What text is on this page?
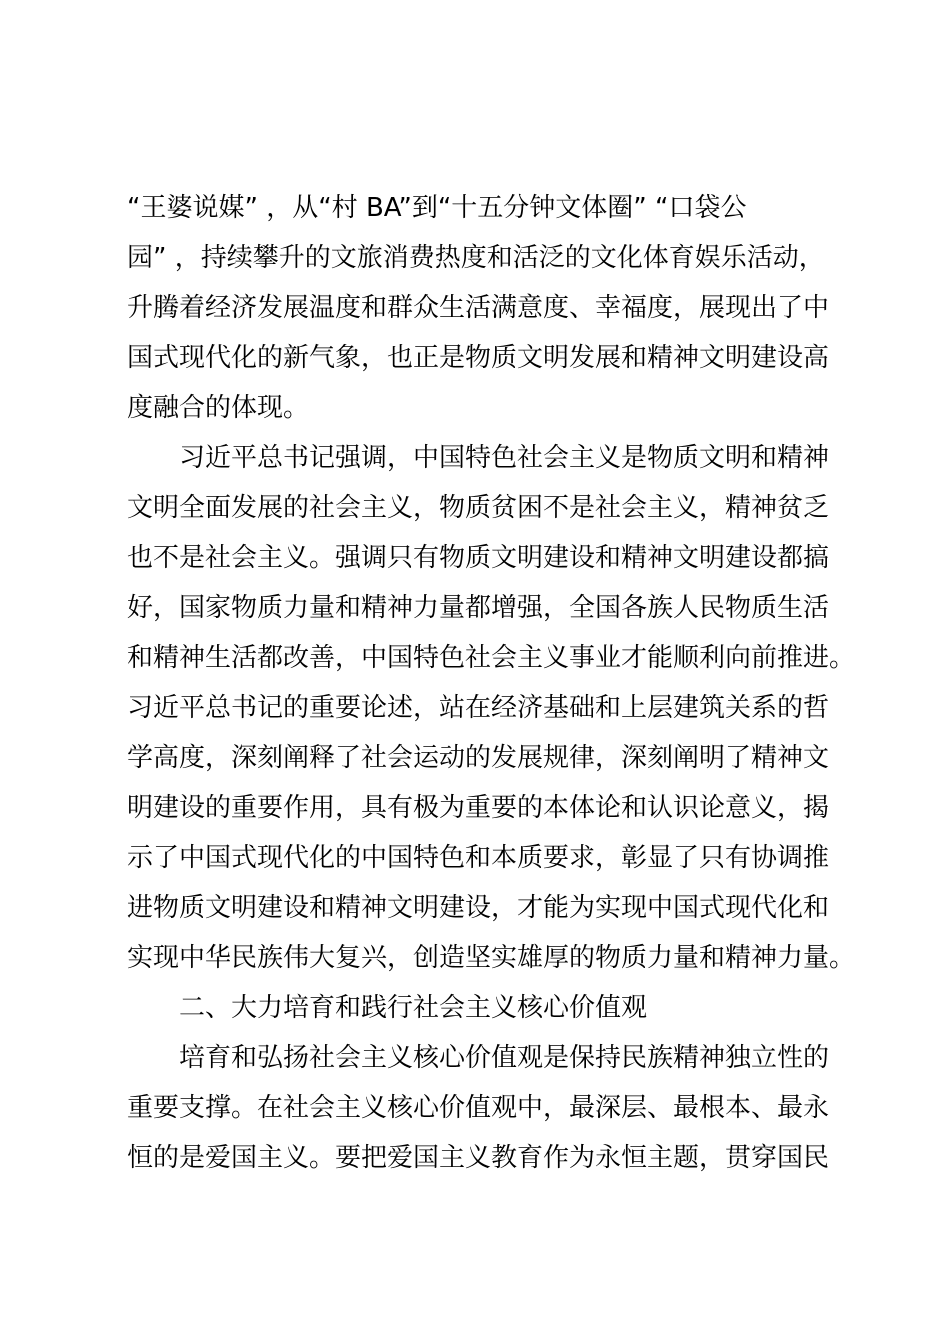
“王婆说媒” ，从“村 BA”到“十五分钟文体圈” “口袋公
园” ，持续攀升的文旅消费热度和活泛的文化体育娱乐活动，
升腾着经济发展温度和群众生活满意度、幸福度，展现出了中
国式现代化的新气象，也正是物质文明发展和精神文明建设高
度融合的体现。
　　习近平总书记强调，中国特色社会主义是物质文明和精神
文明全面发展的社会主义，物质贫困不是社会主义，精神贫乏
也不是社会主义。强调只有物质文明建设和精神文明建设都搞
好，国家物质力量和精神力量都增强，全国各族人民物质生活
和精神生活都改善，中国特色社会主义事业才能顺利向前推进。
习近平总书记的重要论述，站在经济基础和上层建筑关系的哲
学高度，深刻阐释了社会运动的发展规律，深刻阐明了精神文
明建设的重要作用，具有极为重要的本体论和认识论意义，揭
示了中国式现代化的中国特色和本质要求，彰显了只有协调推
进物质文明建设和精神文明建设，才能为实现中国式现代化和
实现中华民族伟大复兴，创造坚实雄厚的物质力量和精神力量。
　　二、大力培育和践行社会主义核心价值观
　　培育和弘扬社会主义核心价值观是保持民族精神独立性的
重要支撑。在社会主义核心价值观中，最深层、最根本、最永
恒的是爱国主义。要把爱国主义教育作为永恒主题，贯穿国民
